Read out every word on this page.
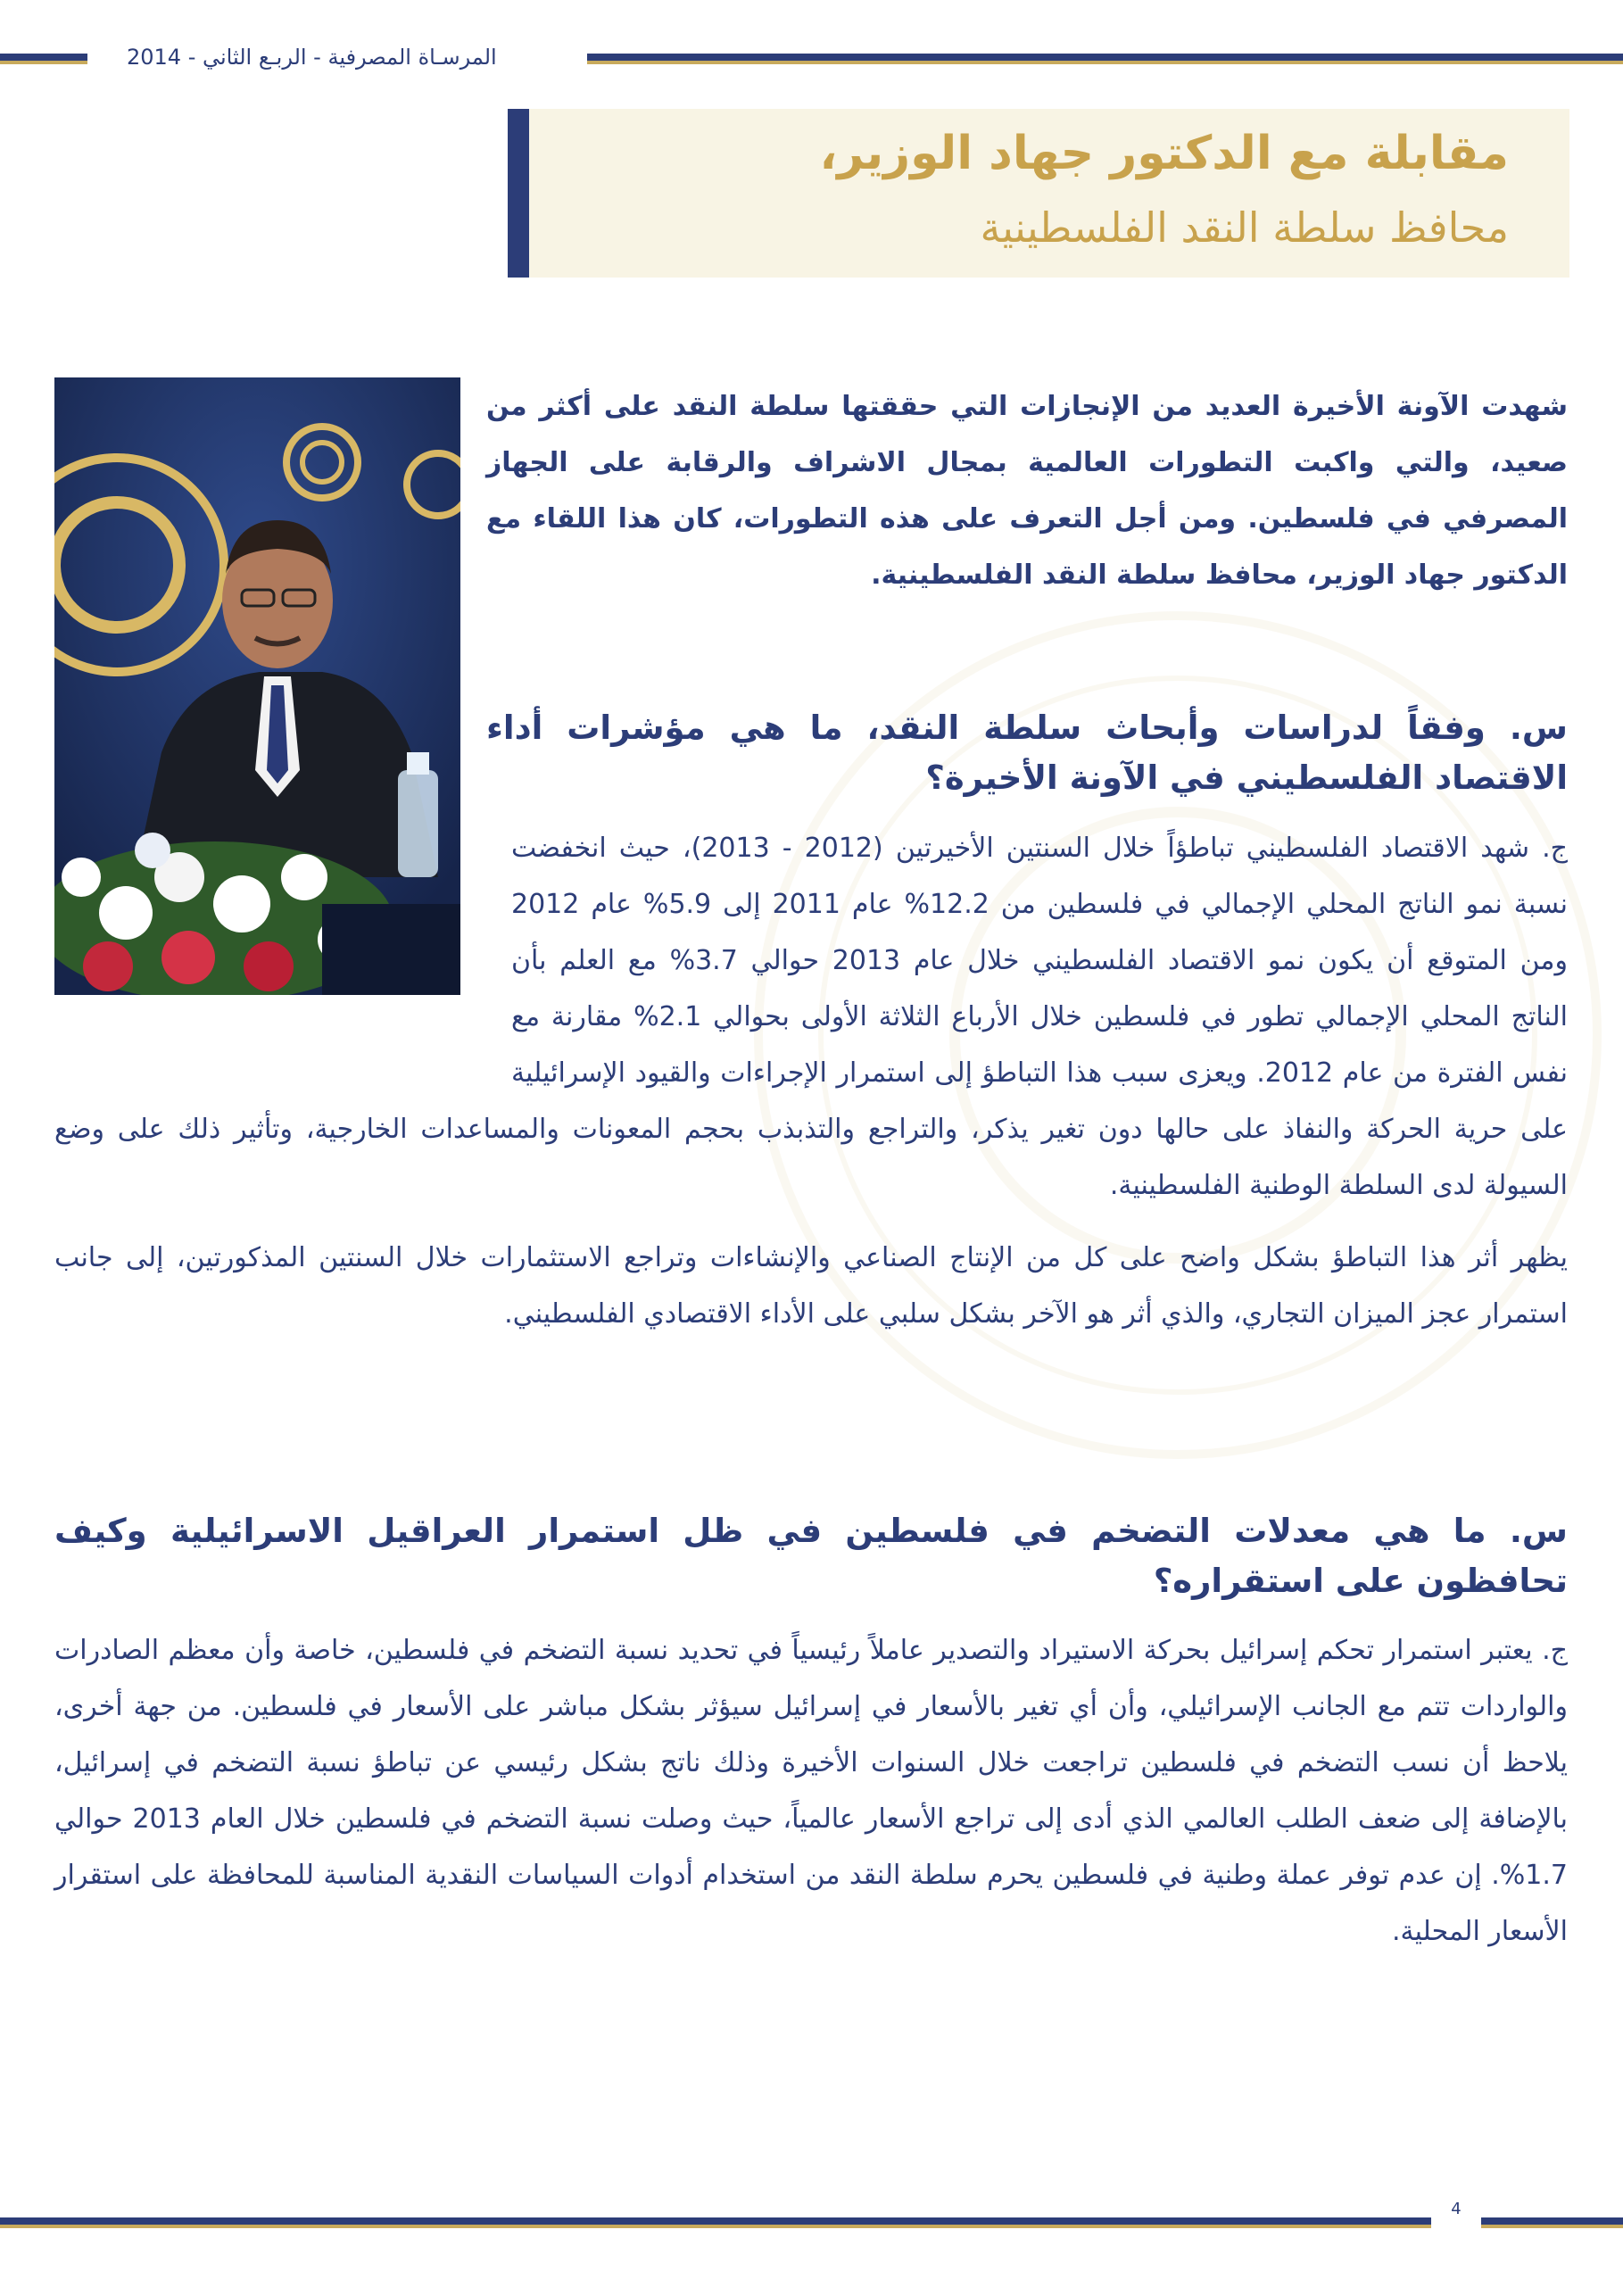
المرسـاة المصرفية - الربـع الثاني - 2014
مقابلة مع الدكتور جهاد الوزير،
محافظ سلطة النقد الفلسطينية
شهدت الآونة الأخيرة العديد من الإنجازات التي حققتها سلطة النقد على أكثر من صعيد، والتي واكبت التطورات العالمية بمجال الاشراف والرقابة على الجهاز المصرفي في فلسطين. ومن أجل التعرف على هذه التطورات، كان هذا اللقاء مع الدكتور جهاد الوزير، محافظ سلطة النقد الفلسطينية.
س. وفقاً لدراسات وأبحاث سلطة النقد، ما هي مؤشرات أداء الاقتصاد الفلسطيني في الآونة الأخيرة؟
ج. شهد الاقتصاد الفلسطيني تباطؤاً خلال السنتين الأخيرتين (2012 - 2013)، حيث انخفضت نسبة نمو الناتج المحلي الإجمالي في فلسطين من 12.2% عام 2011 إلى 5.9% عام 2012 ومن المتوقع أن يكون نمو الاقتصاد الفلسطيني خلال عام 2013 حوالي 3.7% مع العلم بأن الناتج المحلي الإجمالي تطور في فلسطين خلال الأرباع الثلاثة الأولى بحوالي 2.1% مقارنة مع نفس الفترة من عام 2012. ويعزى سبب هذا التباطؤ إلى استمرار الإجراءات والقيود الإسرائيلية على حرية الحركة والنفاذ على حالها دون تغير يذكر، والتراجع والتذبذب بحجم المعونات والمساعدات الخارجية، وتأثير ذلك على وضع السيولة لدى السلطة الوطنية الفلسطينية.
يظهر أثر هذا التباطؤ بشكل واضح على كل من الإنتاج الصناعي والإنشاءات وتراجع الاستثمارات خلال السنتين المذكورتين، إلى جانب استمرار عجز الميزان التجاري، والذي أثر هو الآخر بشكل سلبي على الأداء الاقتصادي الفلسطيني.
س. ما هي معدلات التضخم في فلسطين في ظل استمرار العراقيل الاسرائيلية وكيف تحافظون على استقراره؟
ج. يعتبر استمرار تحكم إسرائيل بحركة الاستيراد والتصدير عاملاً رئيسياً في تحديد نسبة التضخم في فلسطين، خاصة وأن معظم الصادرات والواردات تتم مع الجانب الإسرائيلي، وأن أي تغير بالأسعار في إسرائيل سيؤثر بشكل مباشر على الأسعار في فلسطين. من جهة أخرى، يلاحظ أن نسب التضخم في فلسطين تراجعت خلال السنوات الأخيرة وذلك ناتج بشكل رئيسي عن تباطؤ نسبة التضخم في إسرائيل، بالإضافة إلى ضعف الطلب العالمي الذي أدى إلى تراجع الأسعار عالمياً، حيث وصلت نسبة التضخم في فلسطين خلال العام 2013 حوالي 1.7%. إن عدم توفر عملة وطنية في فلسطين يحرم سلطة النقد من استخدام أدوات السياسات النقدية المناسبة للمحافظة على استقرار الأسعار المحلية.
4
